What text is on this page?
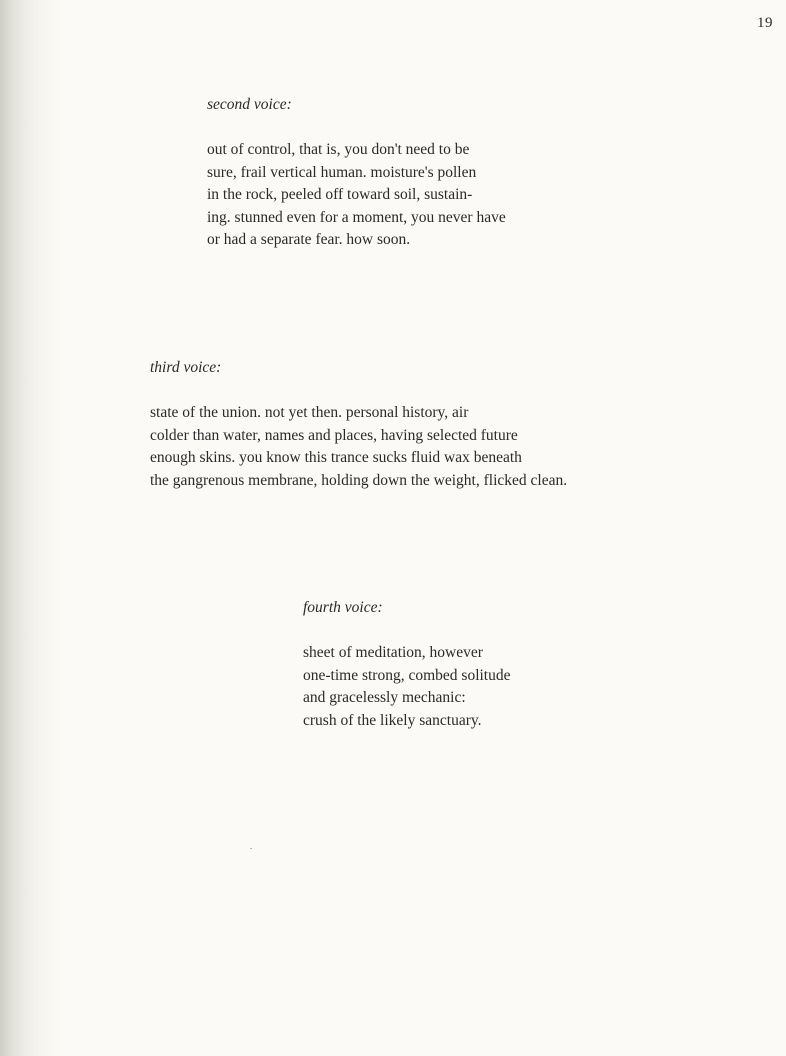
19
second voice:
out of control, that is, you don't need to be
sure, frail vertical human. moisture's pollen
in the rock, peeled off toward soil, sustain-
ing. stunned even for a moment, you never have
or had a separate fear. how soon.
third voice:
state of the union. not yet then. personal history, air
colder than water, names and places, having selected future
enough skins. you know this trance sucks fluid wax beneath
the gangrenous membrane, holding down the weight, flicked clean.
fourth voice:
sheet of meditation, however
one-time strong, combed solitude
and gracelessly mechanic:
crush of the likely sanctuary.
